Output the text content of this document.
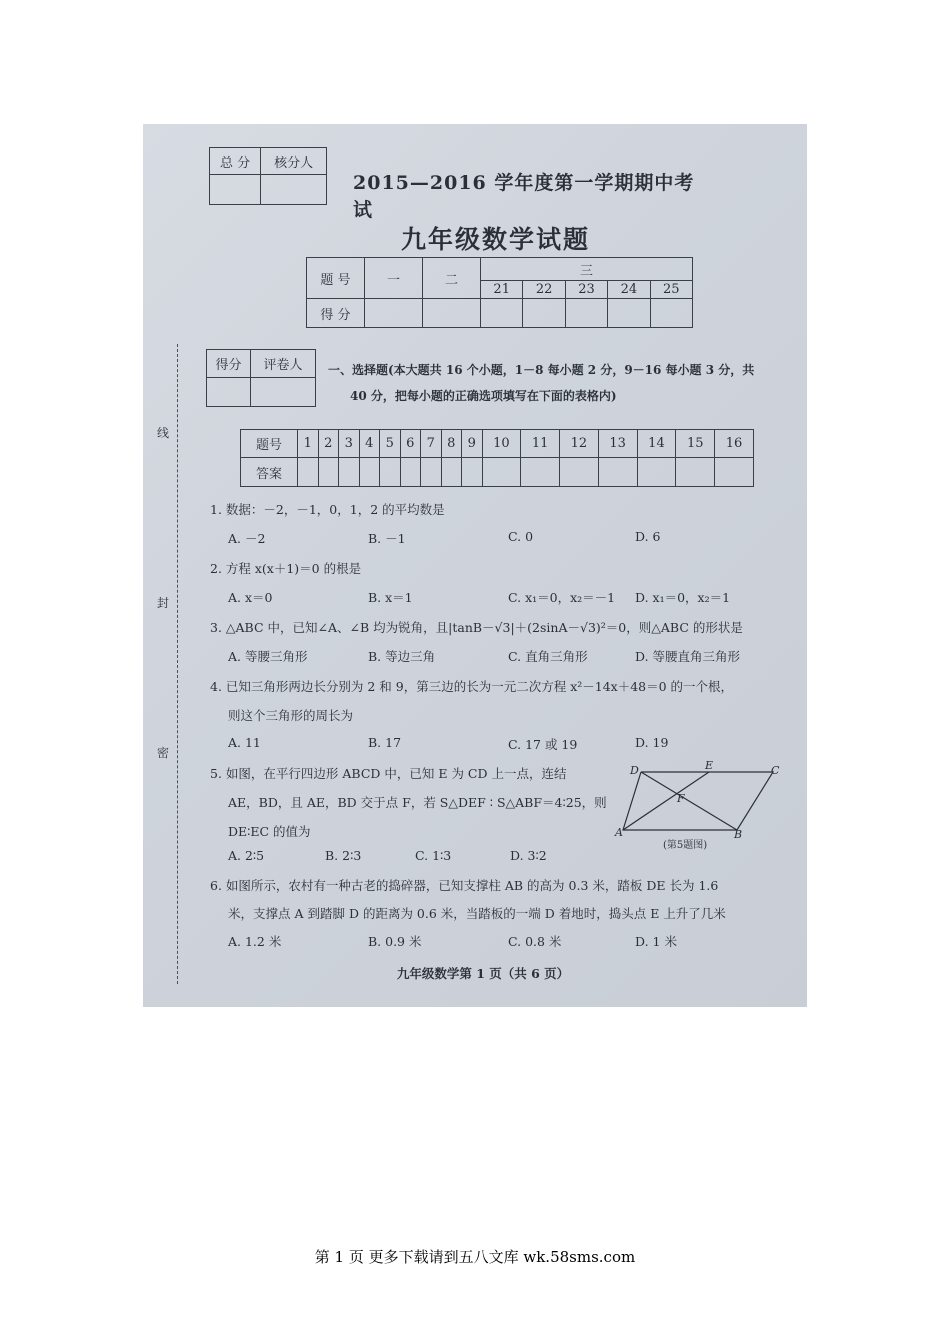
线
封
密
总 分	核分人

2015—2016 学年度第一学期期中考试
九年级数学试题
题 号	一	二	三				
			21	22	23	24	25
得 分							
得分	评卷人
	一、选择题(本大题共 16 个小题，1－8 每小题 2 分，9－16 每小题 3 分，共
40 分，把每小题的正确选项填写在下面的表格内)
题号	1	2	3	4	5	6	7	8	9	10	11	12	13	14	15	16
答案																
1. 数据：－2，－1，0，1，2 的平均数是
A. －2	B. －1	C. 0	D. 6
2. 方程 x(x＋1)＝0 的根是
A. x＝0	B. x＝1	C. x₁＝0，x₂＝－1 D. x₁＝0，x₂＝1
3. △ABC 中，已知∠A、∠B 均为锐角，且|tanB－√3|＋(2sinA－√3)²＝0，则△ABC 的形状是
A. 等腰三角形	B. 等边三角	C. 直角三角形	D. 等腰直角三角形
4. 已知三角形两边长分别为 2 和 9，第三边的长为一元二次方程 x²－14x＋48＝0 的一个根，
则这个三角形的周长为
A. 11	B. 17	C. 17 或 19	D. 19
5. 如图，在平行四边形 ABCD 中，已知 E 为 CD 上一点，连结
AE，BD，且 AE，BD 交于点 F，若 S△DEF ∶ S△ABF＝4∶25，则
DE∶EC 的值为
A. 2∶5	B. 2∶3	C. 1∶3	D. 3∶2
D	E	C
F
A	B
(第5题图)
6. 如图所示，农村有一种古老的捣碎器，已知支撑柱 AB 的高为 0.3 米，踏板 DE 长为 1.6
米，支撑点 A 到踏脚 D 的距离为 0.6 米，当踏板的一端 D 着地时，捣头点 E 上升了几米
A. 1.2 米	B. 0.9 米	C. 0.8 米	D. 1 米
九年级数学第 1 页（共 6 页）
第 1 页 更多下载请到五八文库 wk.58sms.com
